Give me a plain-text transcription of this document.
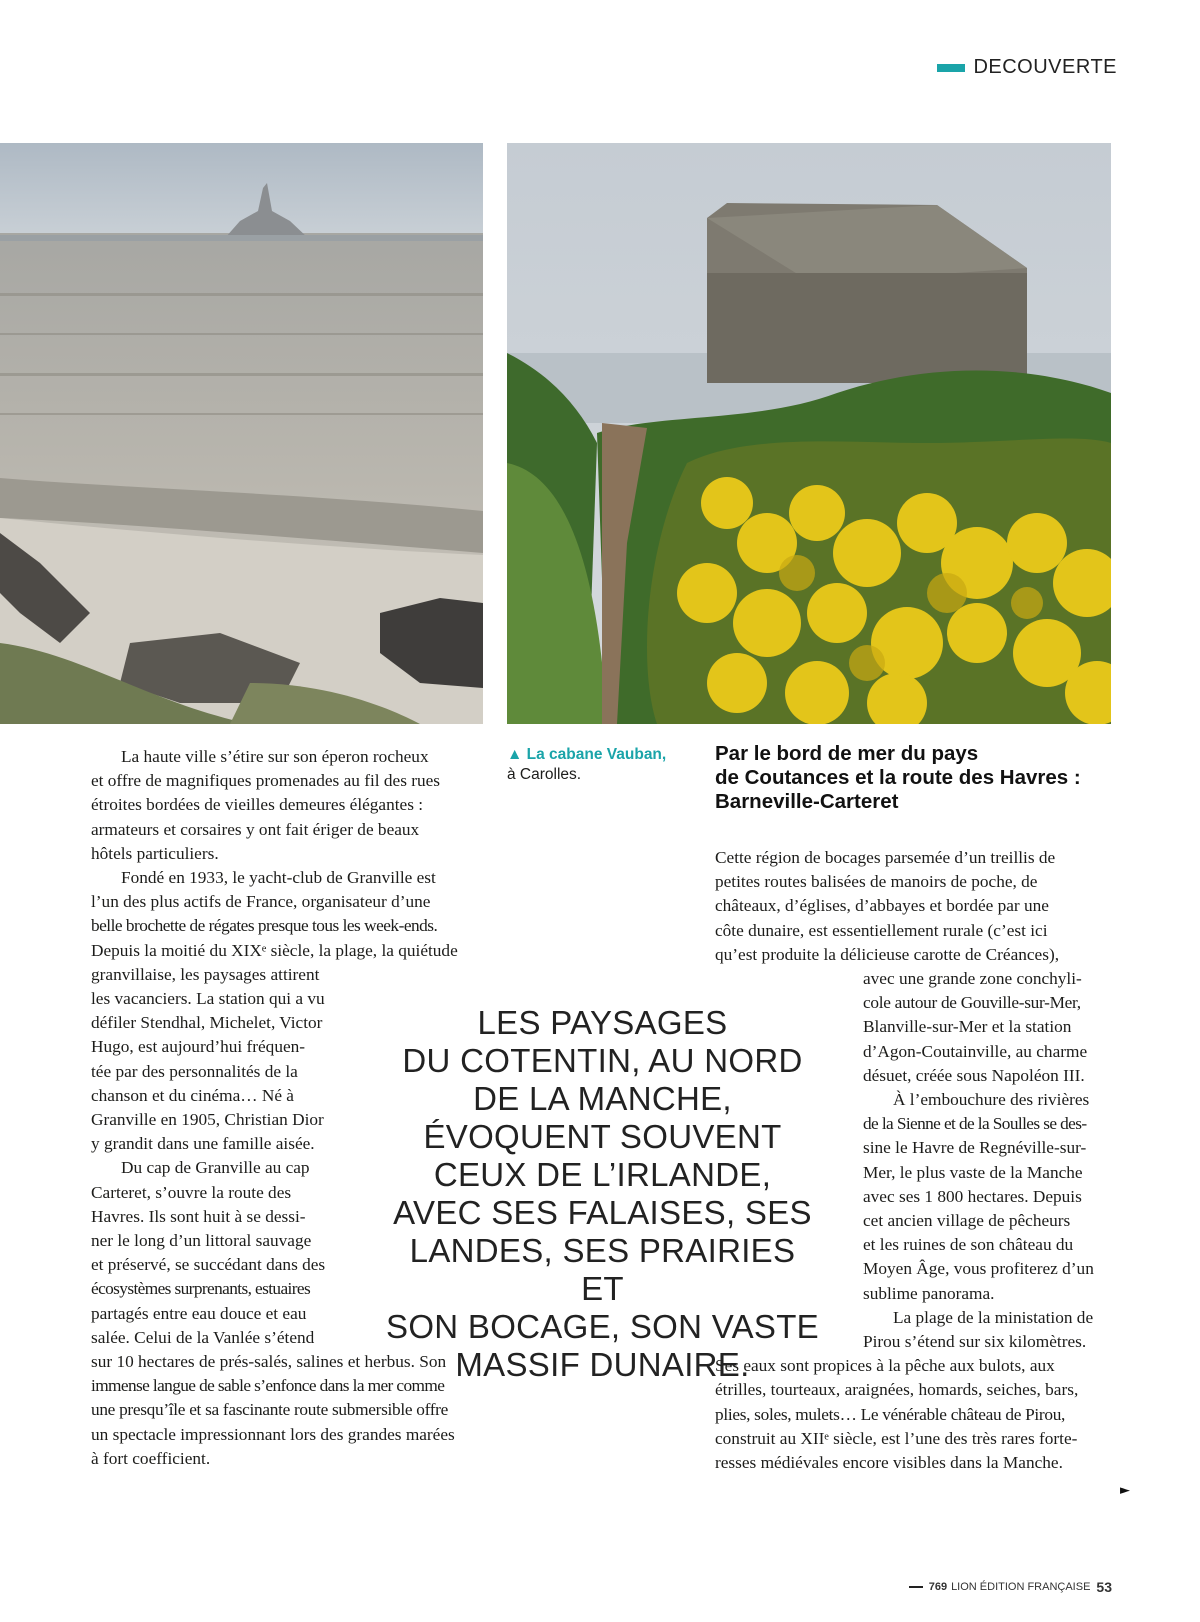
DECOUVERTE
▲ La cabane Vauban,
à Carolles.
Par le bord de mer du pays
de Coutances et la route des Havres :
Barneville-Carteret
La haute ville s’étire sur son éperon rocheux
et offre de magnifiques promenades au fil des rues
étroites bordées de vieilles demeures élégantes :
armateurs et corsaires y ont fait ériger de beaux
hôtels particuliers.
Fondé en 1933, le yacht-club de Granville est
l’un des plus actifs de France, organisateur d’une
belle brochette de régates presque tous les week-ends.
Depuis la moitié du XIXᵉ siècle, la plage, la quiétude
granvillaise, les paysages attirent
les vacanciers. La station qui a vu
défiler Stendhal, Michelet, Victor
Hugo, est aujourd’hui fréquen-
tée par des personnalités de la
chanson et du cinéma… Né à
Granville en 1905, Christian Dior
y grandit dans une famille aisée.
Du cap de Granville au cap
Carteret, s’ouvre la route des
Havres. Ils sont huit à se dessi-
ner le long d’un littoral sauvage
et préservé, se succédant dans des
écosystèmes surprenants, estuaires
partagés entre eau douce et eau
salée. Celui de la Vanlée s’étend
sur 10 hectares de prés-salés, salines et herbus. Son
immense langue de sable s’enfonce dans la mer comme
une presqu’île et sa fascinante route submersible offre
un spectacle impressionnant lors des grandes marées
à fort coefficient.
Cette région de bocages parsemée d’un treillis de
petites routes balisées de manoirs de poche, de
châteaux, d’églises, d’abbayes et bordée par une
côte dunaire, est essentiellement rurale (c’est ici
qu’est produite la délicieuse carotte de Créances),
avec une grande zone conchyli-
cole autour de Gouville-sur-Mer,
Blanville-sur-Mer et la station
d’Agon-Coutainville, au charme
désuet, créée sous Napoléon III.
À l’embouchure des rivières
de la Sienne et de la Soulles se des-
sine le Havre de Regnéville-sur-
Mer, le plus vaste de la Manche
avec ses 1 800 hectares. Depuis
cet ancien village de pêcheurs
et les ruines de son château du
Moyen Âge, vous profiterez d’un
sublime panorama.
La plage de la ministation de
Pirou s’étend sur six kilomètres.
Ses eaux sont propices à la pêche aux bulots, aux
étrilles, tourteaux, araignées, homards, seiches, bars,
plies, soles, mulets… Le vénérable château de Pirou,
construit au XIIᵉ siècle, est l’une des très rares forte-
resses médiévales encore visibles dans la Manche.
►
LES PAYSAGES
DU COTENTIN, AU NORD
DE LA MANCHE,
ÉVOQUENT SOUVENT
CEUX DE L’IRLANDE,
AVEC SES FALAISES, SES
LANDES, SES PRAIRIES ET
SON BOCAGE, SON VASTE
MASSIF DUNAIRE.
769 LION ÉDITION FRANÇAISE 53
